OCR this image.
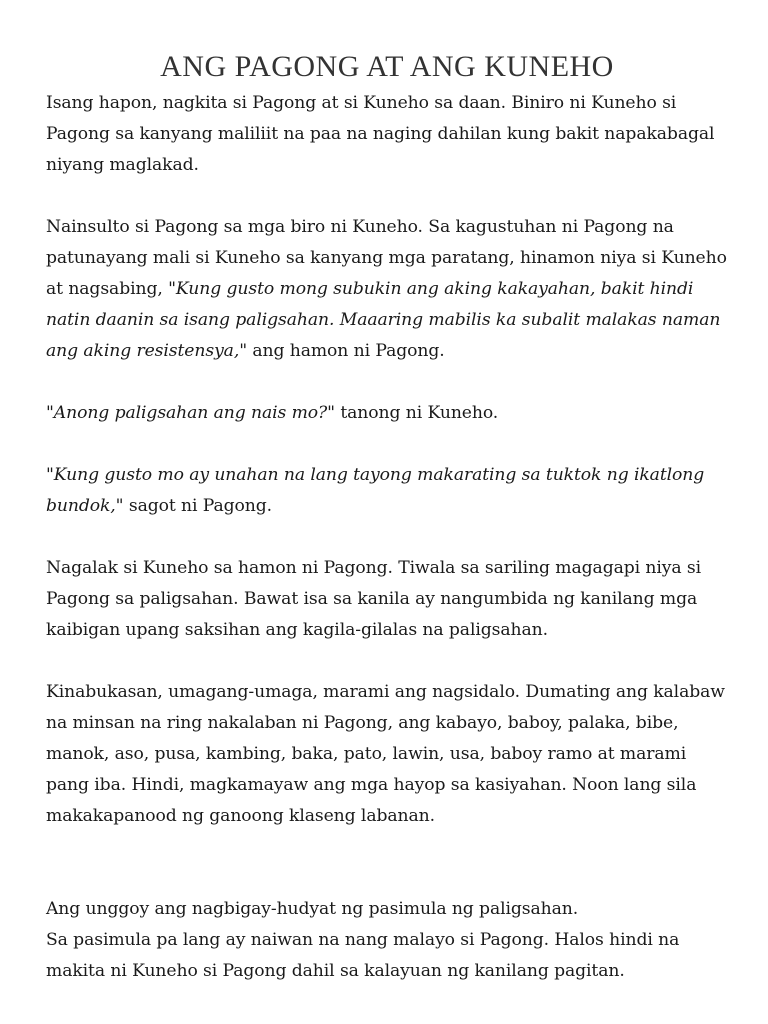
ANG PAGONG AT ANG KUNEHO

Isang hapon, nagkita si Pagong at si Kuneho sa daan. Biniro ni Kuneho si Pagong sa kanyang maliliit na paa na naging dahilan kung bakit napakabagal niyang maglakad.

Nainsulto si Pagong sa mga biro ni Kuneho. Sa kagustuhan ni Pagong na patunayang mali si Kuneho sa kanyang mga paratang, hinamon niya si Kuneho at nagsabing, "Kung gusto mong subukin ang aking kakayahan, bakit hindi natin daanin sa isang paligsahan. Maaaring mabilis ka subalit malakas naman ang aking resistensya," ang hamon ni Pagong.

"Anong paligsahan ang nais mo?" tanong ni Kuneho.

"Kung gusto mo ay unahan na lang tayong makarating sa tuktok ng ikatlong bundok," sagot ni Pagong.

Nagalak si Kuneho sa hamon ni Pagong. Tiwala sa sariling magagapi niya si Pagong sa paligsahan. Bawat isa sa kanila ay nangumbida ng kanilang mga kaibigan upang saksihan ang kagila-gilalas na paligsahan.

Kinabukasan, umagang-umaga, marami ang nagsidalo. Dumating ang kalabaw na minsan na ring nakalaban ni Pagong, ang kabayo, baboy, palaka, bibe, manok, aso, pusa, kambing, baka, pato, lawin, usa, baboy ramo at marami pang iba. Hindi, magkamayaw ang mga hayop sa kasiyahan. Noon lang sila makakapanood ng ganoong klaseng labanan.

Ang unggoy ang nagbigay-hudyat ng pasimula ng paligsahan.

Sa pasimula pa lang ay naiwan na nang malayo si Pagong. Halos hindi na makita ni Kuneho si Pagong dahil sa kalayuan ng kanilang pagitan.
